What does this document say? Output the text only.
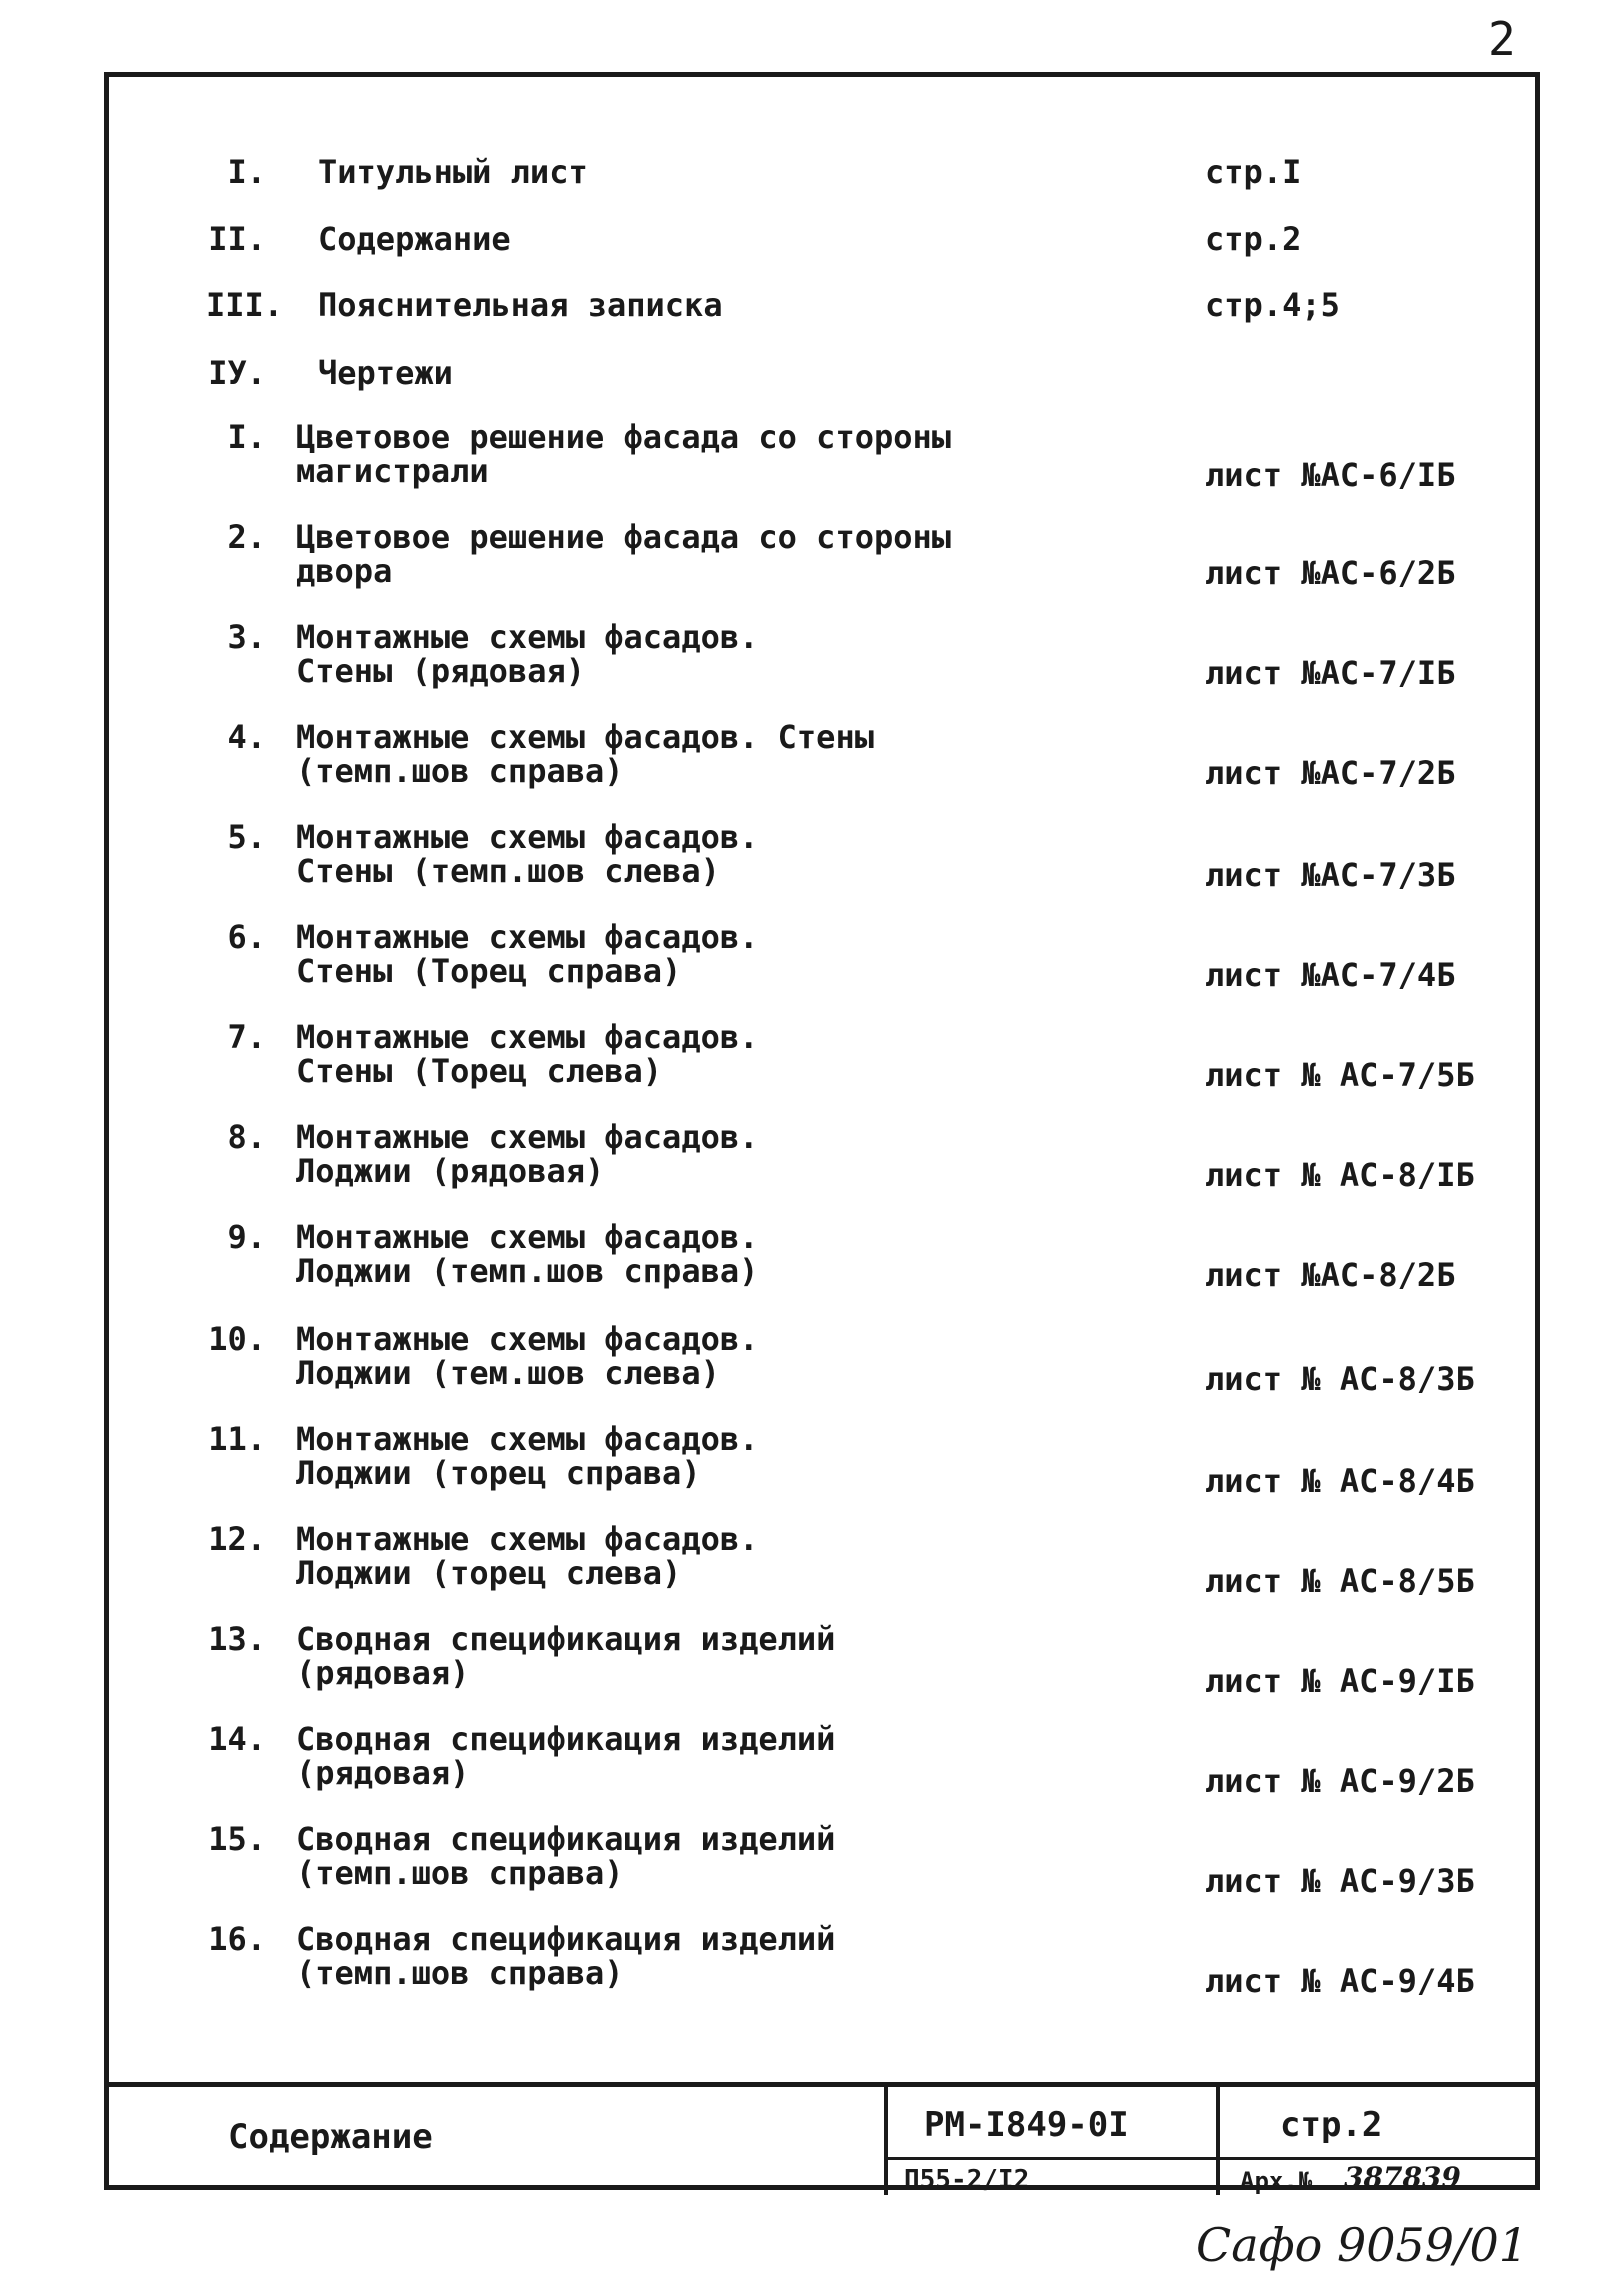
2
I. Титульный лист	стр.I
II. Содержание	стр.2
III. Пояснительная записка	стр.4;5
IУ. Чертежи
I. Цветовое решение фасада со стороны
магистрали	лист №АС-6/IБ
2. Цветовое решение фасада со стороны
двора	лист №АС-6/2Б
3. Монтажные схемы фасадов.
Стены (рядовая)	лист №АС-7/IБ
4. Монтажные схемы фасадов. Стены
(темп.шов справа)	лист №АС-7/2Б
5. Монтажные схемы фасадов.
Стены (темп.шов слева)	лист №АС-7/3Б
6. Монтажные схемы фасадов.
Стены (Торец справа)	лист №АС-7/4Б
7. Монтажные схемы фасадов.
Стены (Торец слева)	лист № АС-7/5Б
8. Монтажные схемы фасадов.
Лоджии (рядовая)	лист № АС-8/IБ
9. Монтажные схемы фасадов.
Лоджии (темп.шов справа)	лист №АС-8/2Б
10. Монтажные схемы фасадов.
Лоджии (тем.шов слева)	лист № АС-8/3Б
11. Монтажные схемы фасадов.
Лоджии (торец справа)	лист № АС-8/4Б
12. Монтажные схемы фасадов.
Лоджии (торец слева)	лист № АС-8/5Б
13. Сводная спецификация изделий
(рядовая)	лист № АС-9/IБ
14. Сводная спецификация изделий
(рядовая)	лист № АС-9/2Б
15. Сводная спецификация изделий
(темп.шов справа)	лист № АС-9/3Б
16. Сводная спецификация изделий
(темп.шов справа)	лист № АС-9/4Б
Содержание	РМ-I849-0I	стр.2
П55-2/I2	Арх.№ 387839
Сафо 9059/01
